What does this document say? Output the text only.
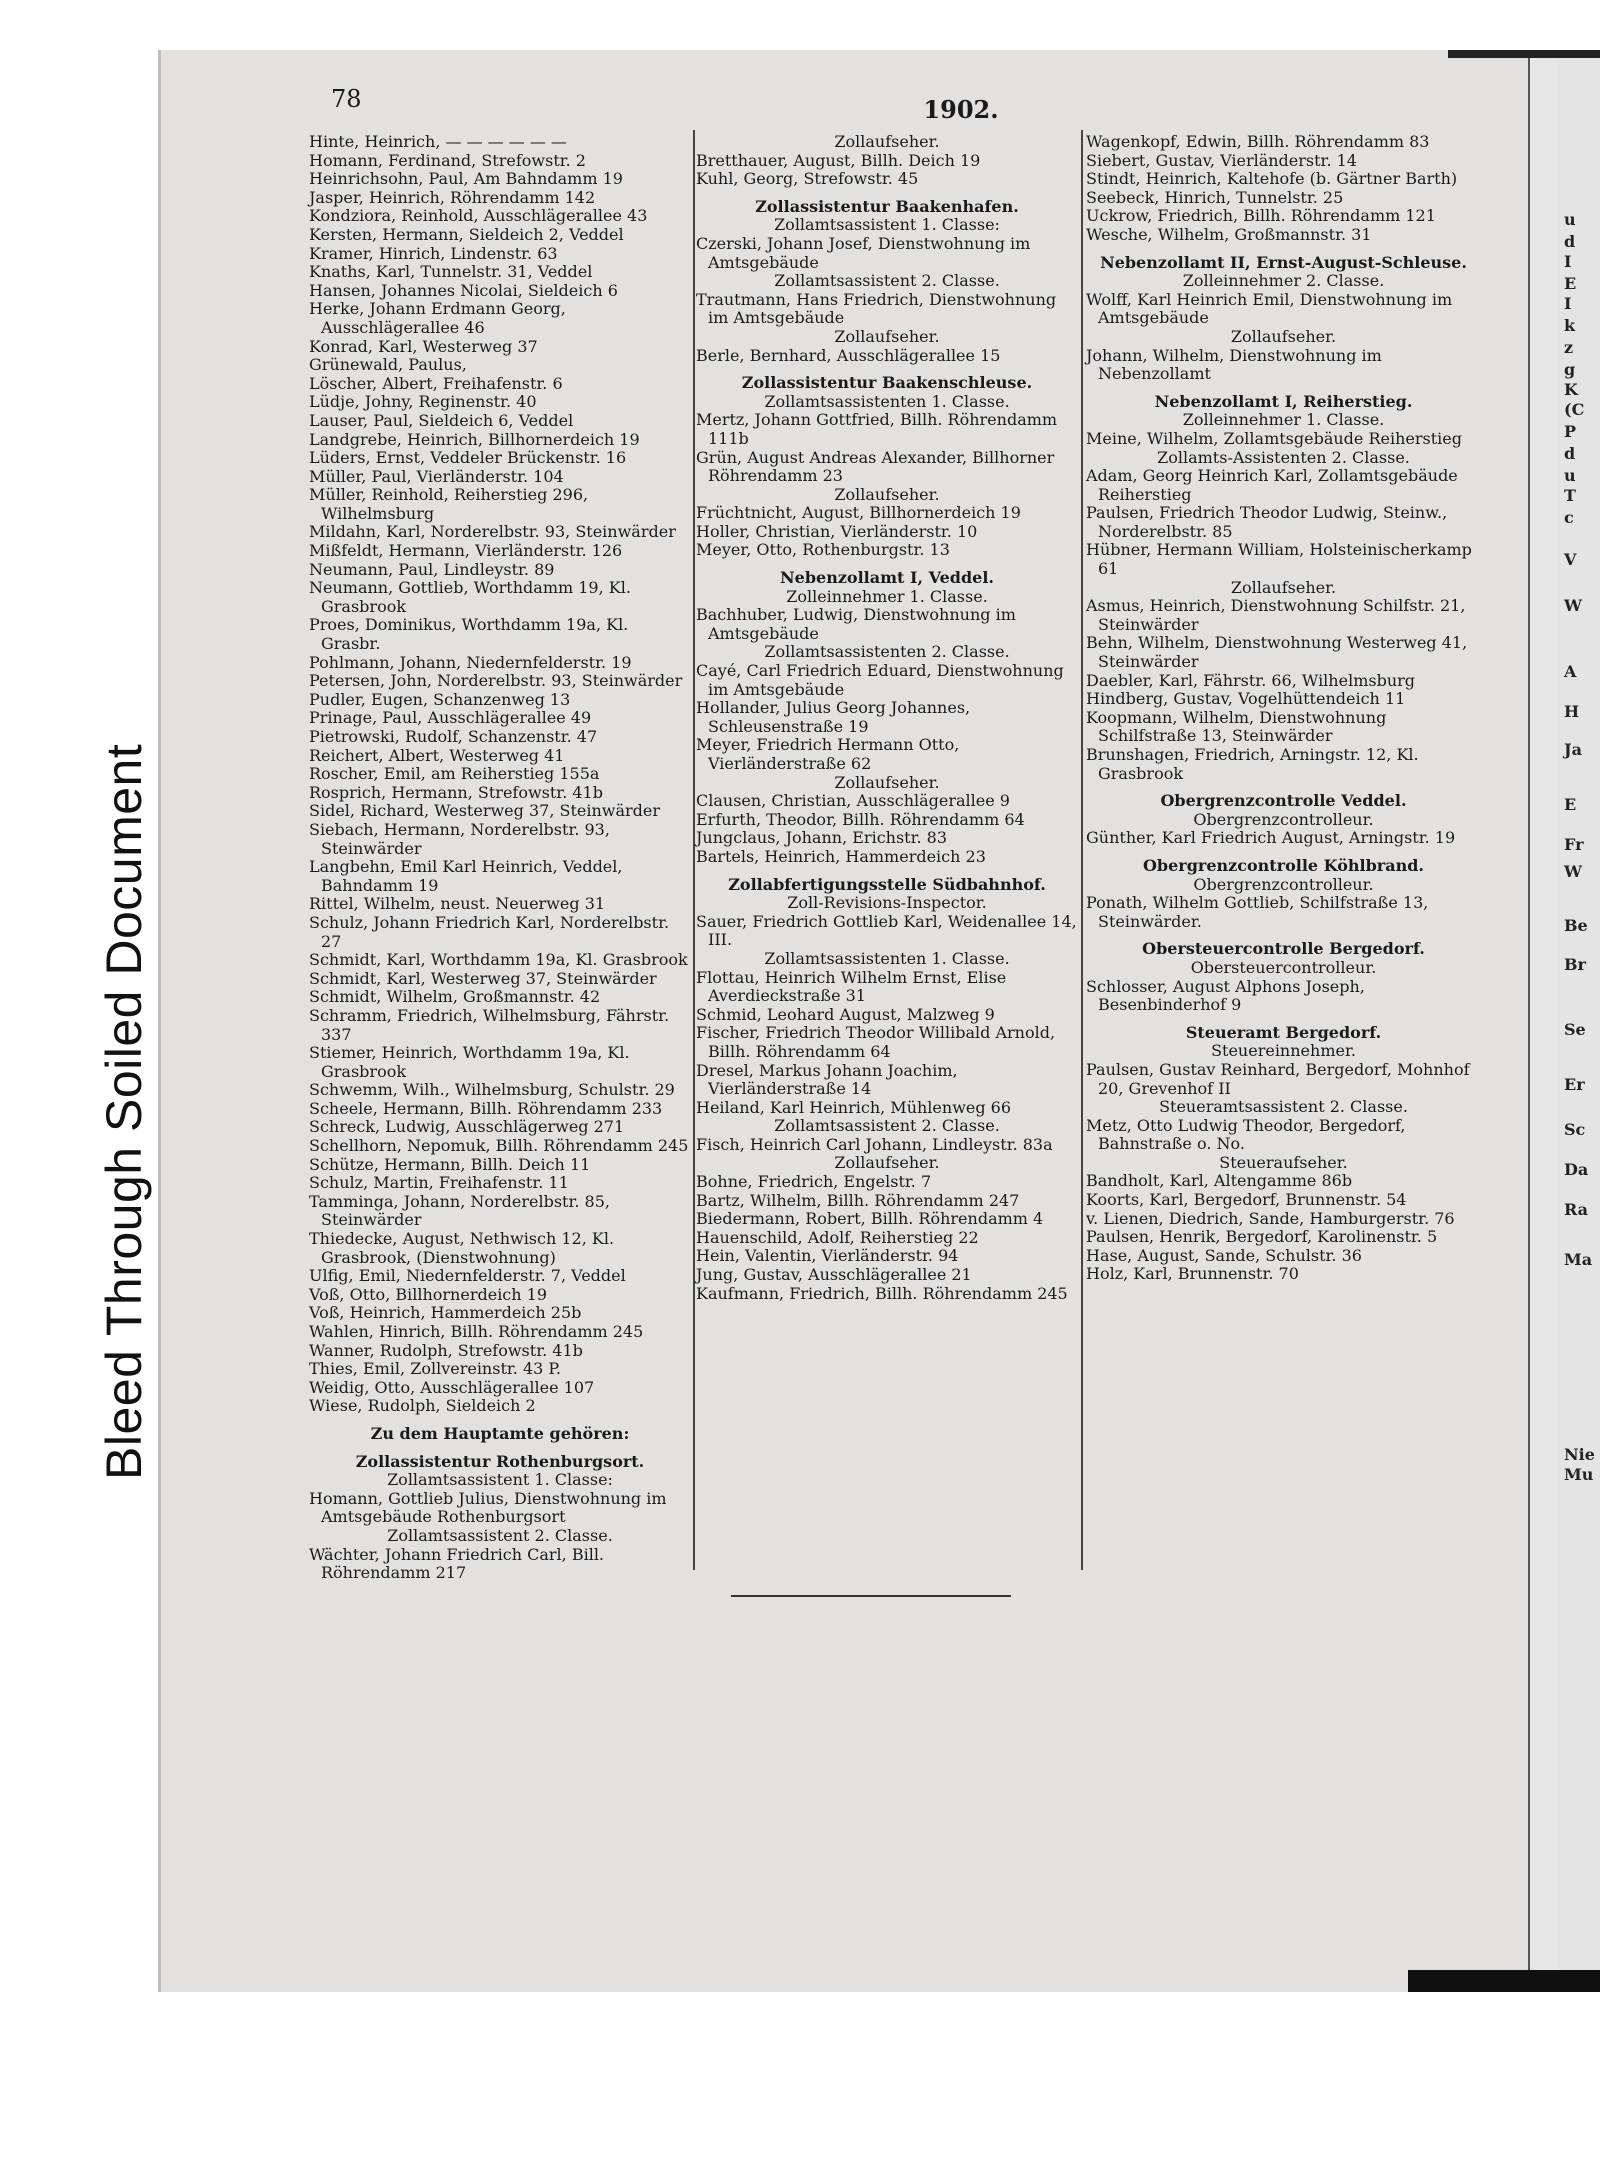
Bleed Through Soiled Document
78	1902.
Hinte, Heinrich, — — — — — —
Homann, Ferdinand, Strefowstr. 2
Heinrichsohn, Paul, Am Bahndamm 19
Jasper, Heinrich, Röhrendamm 142
Kondziora, Reinhold, Ausschlägerallee 43
Kersten, Hermann, Sieldeich 2, Veddel
Kramer, Hinrich, Lindenstr. 63
Knaths, Karl, Tunnelstr. 31, Veddel
Hansen, Johannes Nicolai, Sieldeich 6
Herke, Johann Erdmann Georg, Ausschlägerallee 46
Konrad, Karl, Westerweg 37
Grünewald, Paulus,
Löscher, Albert, Freihafenstr. 6
Lüdje, Johny, Reginenstr. 40
Lauser, Paul, Sieldeich 6, Veddel
Landgrebe, Heinrich, Billhornerdeich 19
Lüders, Ernst, Veddeler Brückenstr. 16
Müller, Paul, Vierländerstr. 104
Müller, Reinhold, Reiherstieg 296, Wilhelmsburg
Mildahn, Karl, Norderelbstr. 93, Steinwärder
Mißfeldt, Hermann, Vierländerstr. 126
Neumann, Paul, Lindleystr. 89
Neumann, Gottlieb, Worthdamm 19, Kl. Grasbrook
Proes, Dominikus, Worthdamm 19a, Kl. Grasbr.
Pohlmann, Johann, Niedernfelderstr. 19
Petersen, John, Norderelbstr. 93, Steinwärder
Pudler, Eugen, Schanzenweg 13
Prinage, Paul, Ausschlägerallee 49
Pietrowski, Rudolf, Schanzenstr. 47
Reichert, Albert, Westerweg 41
Roscher, Emil, am Reiherstieg 155a
Rosprich, Hermann, Strefowstr. 41b
Sidel, Richard, Westerweg 37, Steinwärder
Siebach, Hermann, Norderelbstr. 93, Steinwärder
Langbehn, Emil Karl Heinrich, Veddel, Bahndamm 19
Rittel, Wilhelm, neust. Neuerweg 31
Schulz, Johann Friedrich Karl, Norderelbstr. 27
Schmidt, Karl, Worthdamm 19a, Kl. Grasbrook
Schmidt, Karl, Westerweg 37, Steinwärder
Schmidt, Wilhelm, Großmannstr. 42
Schramm, Friedrich, Wilhelmsburg, Fährstr. 337
Stiemer, Heinrich, Worthdamm 19a, Kl. Grasbrook
Schwemm, Wilh., Wilhelmsburg, Schulstr. 29
Scheele, Hermann, Billh. Röhrendamm 233
Schreck, Ludwig, Ausschlägerweg 271
Schellhorn, Nepomuk, Billh. Röhrendamm 245
Schütze, Hermann, Billh. Deich 11
Schulz, Martin, Freihafenstr. 11
Tamminga, Johann, Norderelbstr. 85, Steinwärder
Thiedecke, August, Nethwisch 12, Kl. Grasbrook, (Dienstwohnung)
Ulfig, Emil, Niedernfelderstr. 7, Veddel
Voß, Otto, Billhornerdeich 19
Voß, Heinrich, Hammerdeich 25b
Wahlen, Hinrich, Billh. Röhrendamm 245
Wanner, Rudolph, Strefowstr. 41b
Thies, Emil, Zollvereinstr. 43 P.
Weidig, Otto, Ausschlägerallee 107
Wiese, Rudolph, Sieldeich 2
Zu dem Hauptamte gehören:
Zollassistentur Rothenburgsort.
Zollamtsassistent 1. Classe:
Homann, Gottlieb Julius, Dienstwohnung im Amtsgebäude Rothenburgsort
Zollamtsassistent 2. Classe.
Wächter, Johann Friedrich Carl, Bill. Röhrendamm 217
Zollaufseher.
Bretthauer, August, Billh. Deich 19
Kuhl, Georg, Strefowstr. 45
Zollassistentur Baakenhafen.
Zollamtsassistent 1. Classe:
Czerski, Johann Josef, Dienstwohnung im Amtsgebäude
Zollamtsassistent 2. Classe.
Trautmann, Hans Friedrich, Dienstwohnung im Amtsgebäude
Zollaufseher.
Berle, Bernhard, Ausschlägerallee 15
Zollassistentur Baakenschleuse.
Zollamtsassistenten 1. Classe.
Mertz, Johann Gottfried, Billh. Röhrendamm 111b
Grün, August Andreas Alexander, Billhorner Röhrendamm 23
Zollaufseher.
Früchtnicht, August, Billhornerdeich 19
Holler, Christian, Vierländerstr. 10
Meyer, Otto, Rothenburgstr. 13
Nebenzollamt I, Veddel.
Zolleinnehmer 1. Classe.
Bachhuber, Ludwig, Dienstwohnung im Amtsgebäude
Zollamtsassistenten 2. Classe.
Cayé, Carl Friedrich Eduard, Dienstwohnung im Amtsgebäude
Hollander, Julius Georg Johannes, Schleusenstraße 19
Meyer, Friedrich Hermann Otto, Vierländerstraße 62
Zollaufseher.
Clausen, Christian, Ausschlägerallee 9
Erfurth, Theodor, Billh. Röhrendamm 64
Jungclaus, Johann, Erichstr. 83
Bartels, Heinrich, Hammerdeich 23
Zollabfertigungsstelle Südbahnhof.
Zoll-Revisions-Inspector.
Sauer, Friedrich Gottlieb Karl, Weidenallee 14, III.
Zollamtsassistenten 1. Classe.
Flottau, Heinrich Wilhelm Ernst, Elise Averdieckstraße 31
Schmid, Leohard August, Malzweg 9
Fischer, Friedrich Theodor Willibald Arnold, Billh. Röhrendamm 64
Dresel, Markus Johann Joachim, Vierländerstraße 14
Heiland, Karl Heinrich, Mühlenweg 66
Zollamtsassistent 2. Classe.
Fisch, Heinrich Carl Johann, Lindleystr. 83a
Zollaufseher.
Bohne, Friedrich, Engelstr. 7
Bartz, Wilhelm, Billh. Röhrendamm 247
Biedermann, Robert, Billh. Röhrendamm 4
Hauenschild, Adolf, Reiherstieg 22
Hein, Valentin, Vierländerstr. 94
Jung, Gustav, Ausschlägerallee 21
Kaufmann, Friedrich, Billh. Röhrendamm 245
Wagenkopf, Edwin, Billh. Röhrendamm 83
Siebert, Gustav, Vierländerstr. 14
Stindt, Heinrich, Kaltehofe (b. Gärtner Barth)
Seebeck, Hinrich, Tunnelstr. 25
Uckrow, Friedrich, Billh. Röhrendamm 121
Wesche, Wilhelm, Großmannstr. 31
Nebenzollamt II, Ernst-August-Schleuse.
Zolleinnehmer 2. Classe.
Wolff, Karl Heinrich Emil, Dienstwohnung im Amtsgebäude
Zollaufseher.
Johann, Wilhelm, Dienstwohnung im Nebenzollamt
Nebenzollamt I, Reiherstieg.
Zolleinnehmer 1. Classe.
Meine, Wilhelm, Zollamtsgebäude Reiherstieg
Zollamts-Assistenten 2. Classe.
Adam, Georg Heinrich Karl, Zollamtsgebäude Reiherstieg
Paulsen, Friedrich Theodor Ludwig, Steinw., Norderelbstr. 85
Hübner, Hermann William, Holsteinischerkamp 61
Zollaufseher.
Asmus, Heinrich, Dienstwohnung Schilfstr. 21, Steinwärder
Behn, Wilhelm, Dienstwohnung Westerweg 41, Steinwärder
Daebler, Karl, Fährstr. 66, Wilhelmsburg
Hindberg, Gustav, Vogelhüttendeich 11
Koopmann, Wilhelm, Dienstwohnung Schilfstraße 13, Steinwärder
Brunshagen, Friedrich, Arningstr. 12, Kl. Grasbrook
Obergrenzcontrolle Veddel.
Obergrenzcontrolleur.
Günther, Karl Friedrich August, Arningstr. 19
Obergrenzcontrolle Köhlbrand.
Obergrenzcontrolleur.
Ponath, Wilhelm Gottlieb, Schilfstraße 13, Steinwärder.
Obersteuercontrolle Bergedorf.
Obersteuercontrolleur.
Schlosser, August Alphons Joseph, Besenbinderhof 9
Steueramt Bergedorf.
Steuereinnehmer.
Paulsen, Gustav Reinhard, Bergedorf, Mohnhof 20, Grevenhof II
Steueramtsassistent 2. Classe.
Metz, Otto Ludwig Theodor, Bergedorf, Bahnstraße o. No.
Steueraufseher.
Bandholt, Karl, Altengamme 86b
Koorts, Karl, Bergedorf, Brunnenstr. 54
v. Lienen, Diedrich, Sande, Hamburgerstr. 76
Paulsen, Henrik, Bergedorf, Karolinenstr. 5
Hase, August, Sande, Schulstr. 36
Holz, Karl, Brunnenstr. 70
u
d
I
E
I
k
z
g
K
(C
P
d
u
T
c
V
W
A
H
Ja
E
Fr
W
Be
Br
Se
Er
Sc
Da
Ra
Ma
Nie
Mu
